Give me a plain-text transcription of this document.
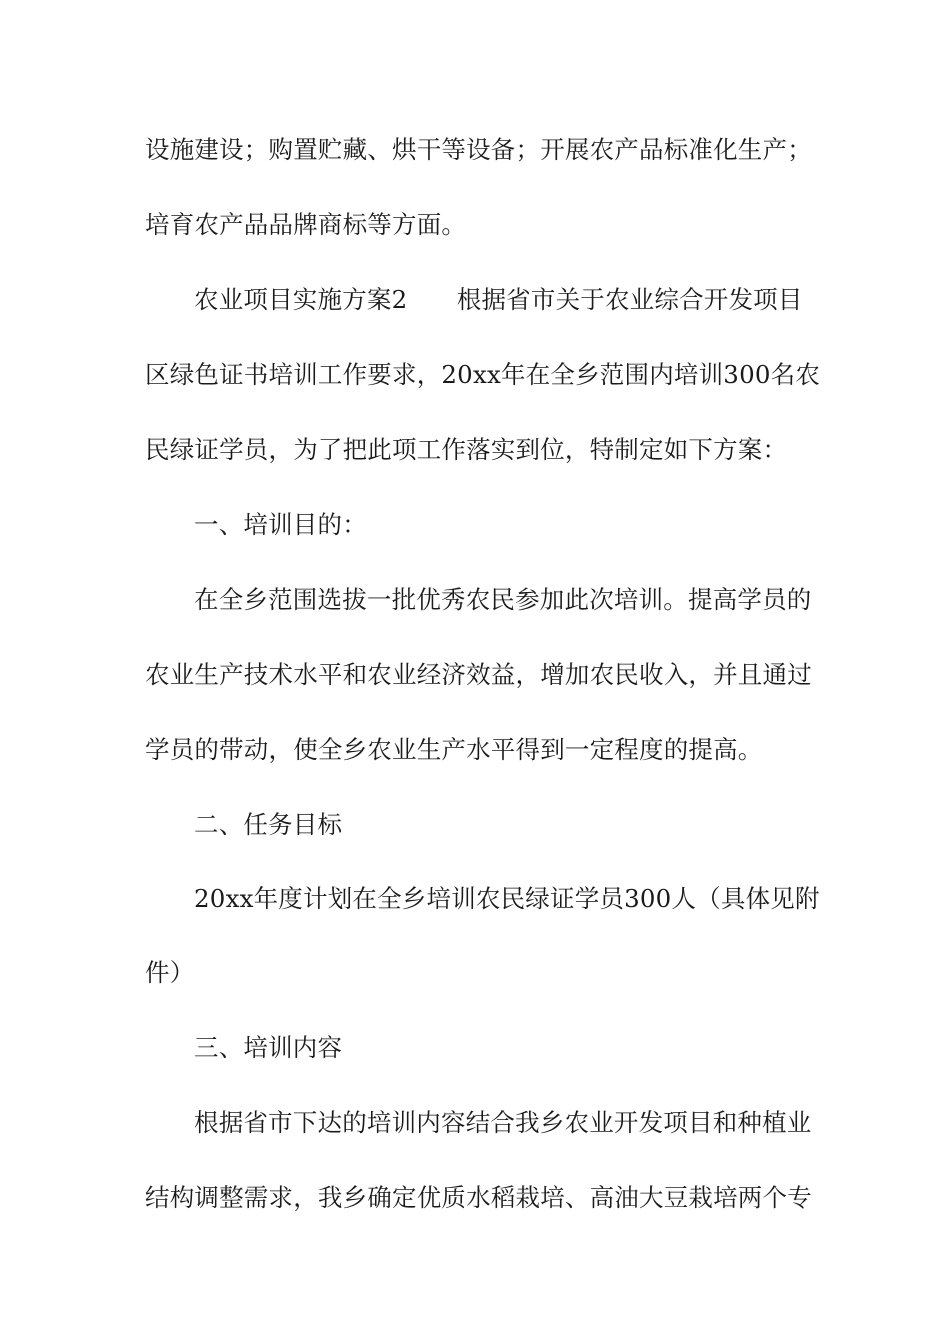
设施建设；购置贮藏、烘干等设备；开展农产品标准化生产；
培育农产品品牌商标等方面。
农业项目实施方案2　　根据省市关于农业综合开发项目
区绿色证书培训工作要求，20xx年在全乡范围内培训300名农
民绿证学员，为了把此项工作落实到位，特制定如下方案：
一、培训目的：
在全乡范围选拔一批优秀农民参加此次培训。提高学员的
农业生产技术水平和农业经济效益，增加农民收入，并且通过
学员的带动，使全乡农业生产水平得到一定程度的提高。
二、任务目标
20xx年度计划在全乡培训农民绿证学员300人（具体见附
件）
三、培训内容
根据省市下达的培训内容结合我乡农业开发项目和种植业
结构调整需求，我乡确定优质水稻栽培、高油大豆栽培两个专
